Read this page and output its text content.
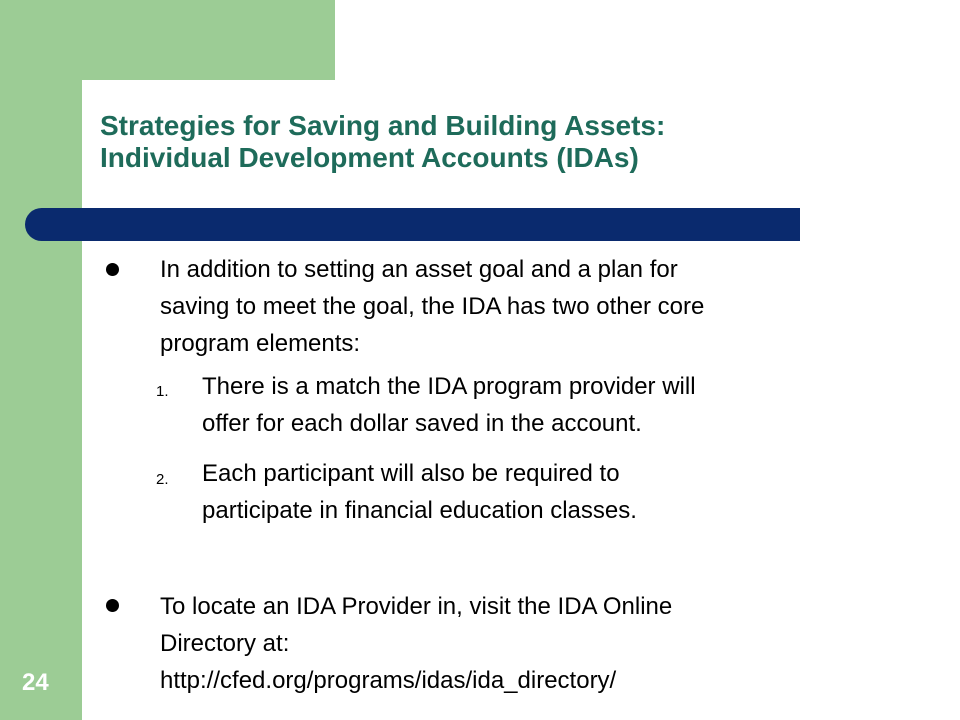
Strategies for Saving and Building Assets:
Individual Development Accounts (IDAs)
In addition to setting an asset goal and a plan for
saving to meet the goal, the IDA has two other core
program elements:
1. There is a match the IDA program provider will
offer for each dollar saved in the account.
2. Each participant will also be required to
participate in financial education classes.
To locate an IDA Provider in, visit the IDA Online
Directory at:
http://cfed.org/programs/idas/ida_directory/
24
